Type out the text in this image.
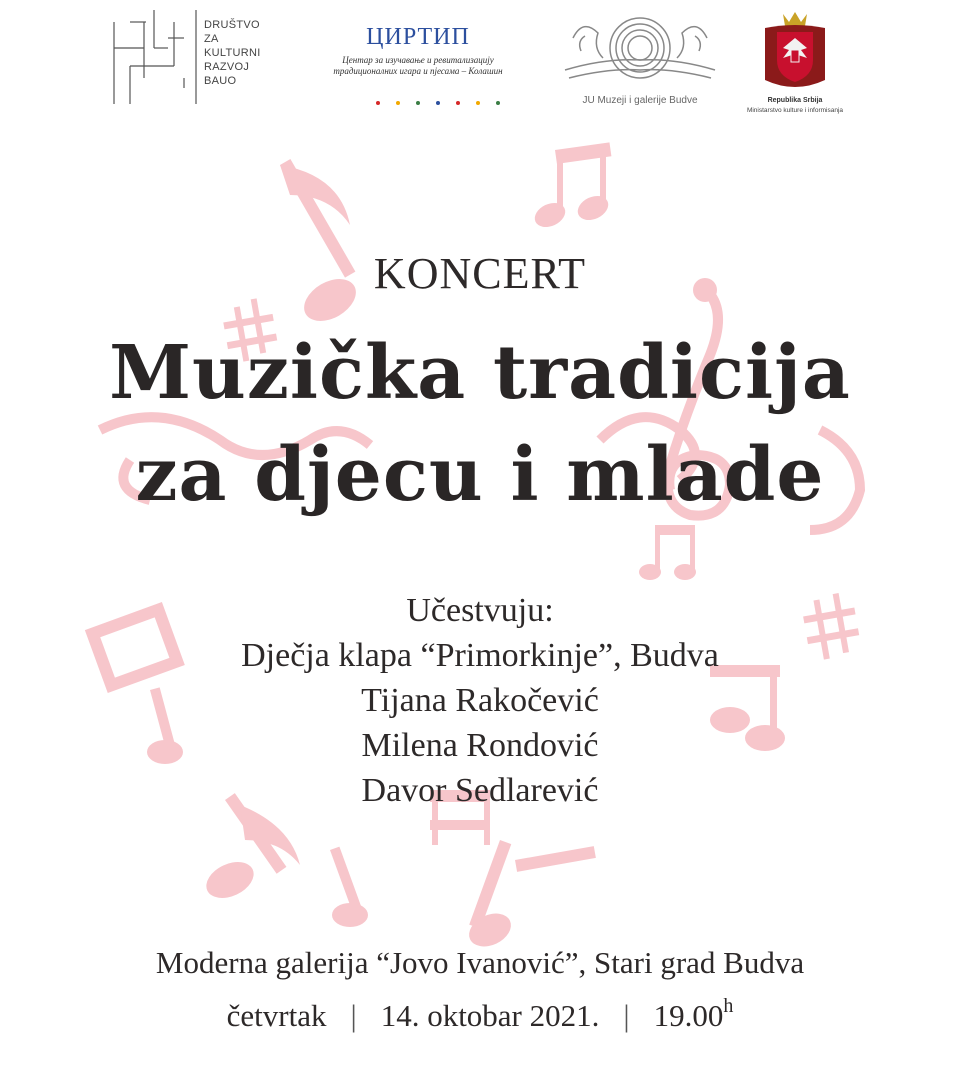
DRUŠTVO
ZA
KULTURNI
RAZVOJ
BAUO
ЦИРТИП
Центар за изучавање и ревитализацију
традиционалних игара и пјесама – Колашин
JU Muzeji i galerije Budve	Republika Srbija
Ministarstvo kulture i informisanja
KONCERT
Muzička tradicija
za djecu i mlade
Učestvuju:
Dječja klapa “Primorkinje”, Budva
Tijana Rakočević
Milena Rondović
Davor Sedlarević
Moderna galerija “Jovo Ivanović”, Stari grad Budva
četvrtak | 14. oktobar 2021. | 19.00h
